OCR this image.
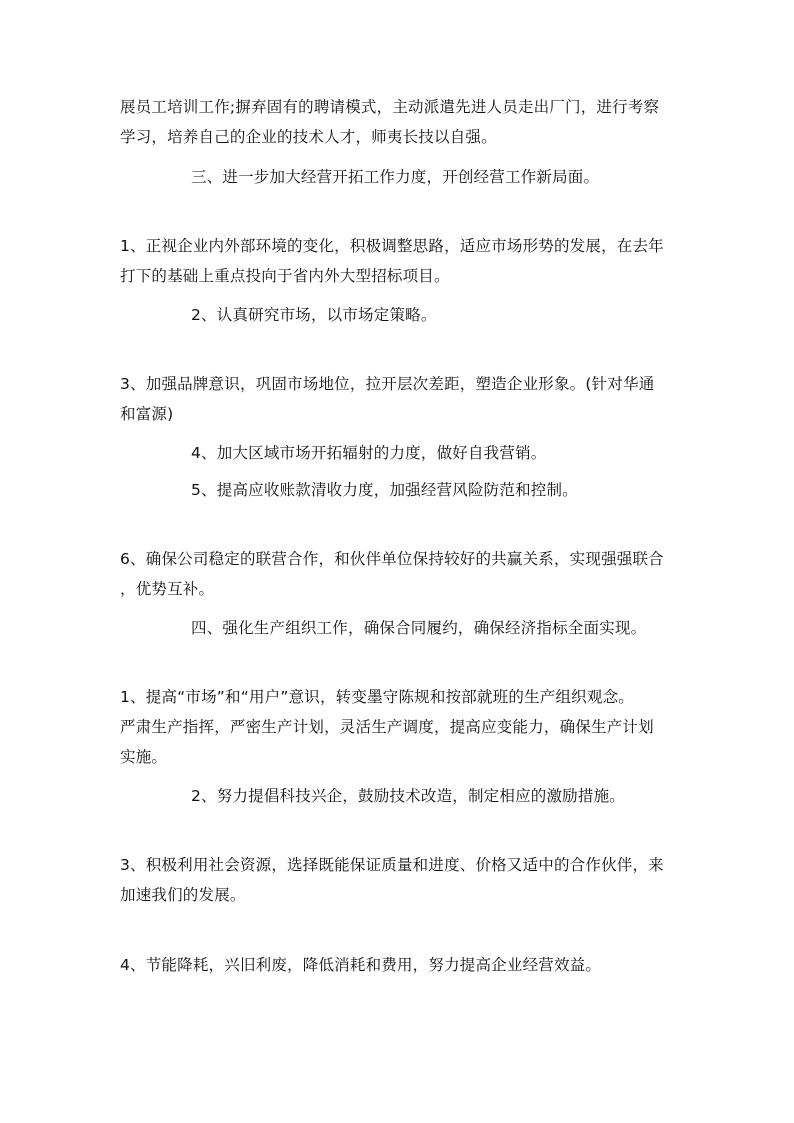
展员工培训工作;摒弃固有的聘请模式，主动派遣先进人员走出厂门，进行考察
学习，培养自己的企业的技术人才，师夷长技以自强。
三、进一步加大经营开拓工作力度，开创经营工作新局面。
1、正视企业内外部环境的变化，积极调整思路，适应市场形势的发展，在去年
打下的基础上重点投向于省内外大型招标项目。
2、认真研究市场，以市场定策略。
3、加强品牌意识，巩固市场地位，拉开层次差距，塑造企业形象。(针对华通
和富源)
4、加大区域市场开拓辐射的力度，做好自我营销。
5、提高应收账款清收力度，加强经营风险防范和控制。
6、确保公司稳定的联营合作，和伙伴单位保持较好的共赢关系，实现强强联合
，优势互补。
四、强化生产组织工作，确保合同履约，确保经济指标全面实现。
1、提高“市场”和“用户”意识，转变墨守陈规和按部就班的生产组织观念。
严肃生产指挥，严密生产计划，灵活生产调度，提高应变能力，确保生产计划
实施。
2、努力提倡科技兴企，鼓励技术改造，制定相应的激励措施。
3、积极利用社会资源，选择既能保证质量和进度、价格又适中的合作伙伴，来
加速我们的发展。
4、节能降耗，兴旧利废，降低消耗和费用，努力提高企业经营效益。
